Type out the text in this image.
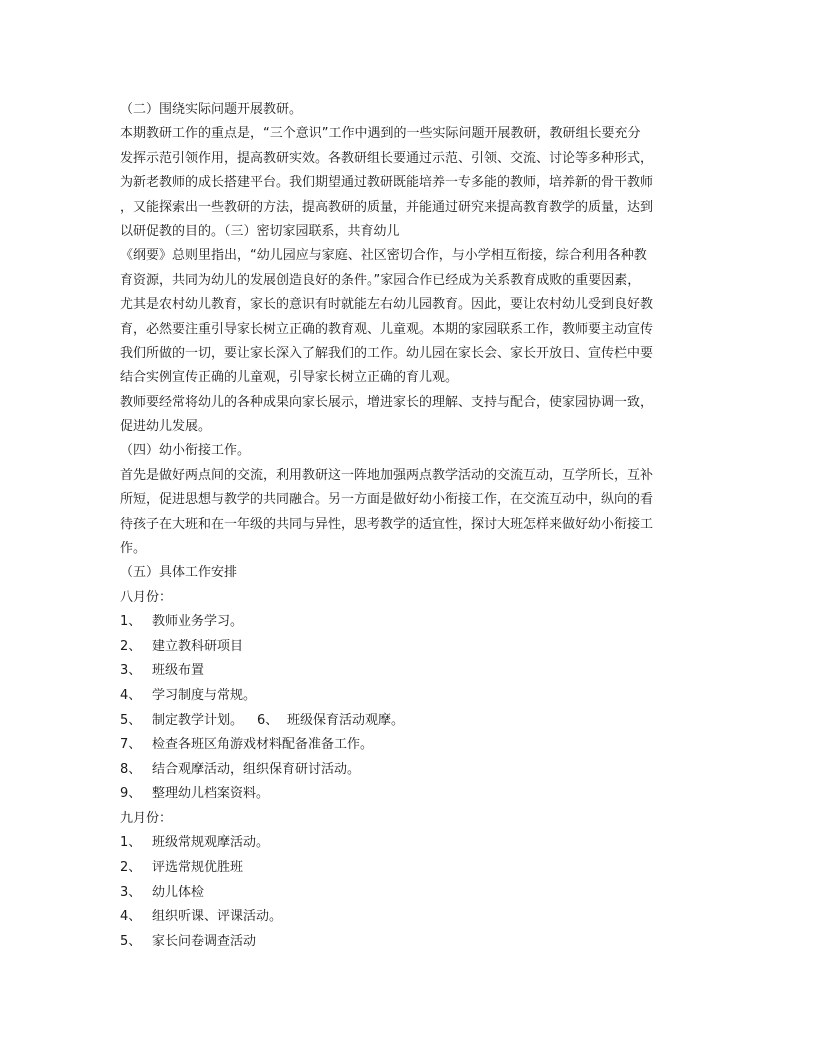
（二）围绕实际问题开展教研。
本期教研工作的重点是，“三个意识”工作中遇到的一些实际问题开展教研，教研组长要充分
发挥示范引领作用，提高教研实效。各教研组长要通过示范、引领、交流、讨论等多种形式，
为新老教师的成长搭建平台。我们期望通过教研既能培养一专多能的教师，培养新的骨干教师
，又能探索出一些教研的方法，提高教研的质量，并能通过研究来提高教育教学的质量，达到
以研促教的目的。（三）密切家园联系，共育幼儿
《纲要》总则里指出，“幼儿园应与家庭、社区密切合作，与小学相互衔接，综合利用各种教
育资源，共同为幼儿的发展创造良好的条件。”家园合作已经成为关系教育成败的重要因素，
尤其是农村幼儿教育，家长的意识有时就能左右幼儿园教育。因此，要让农村幼儿受到良好教
育，必然要注重引导家长树立正确的教育观、儿童观。本期的家园联系工作，教师要主动宣传
我们所做的一切，要让家长深入了解我们的工作。幼儿园在家长会、家长开放日、宣传栏中要
结合实例宣传正确的儿童观，引导家长树立正确的育儿观。
教师要经常将幼儿的各种成果向家长展示，增进家长的理解、支持与配合，使家园协调一致，
促进幼儿发展。
（四）幼小衔接工作。
首先是做好两点间的交流，利用教研这一阵地加强两点教学活动的交流互动，互学所长，互补
所短，促进思想与教学的共同融合。另一方面是做好幼小衔接工作，在交流互动中，纵向的看
待孩子在大班和在一年级的共同与异性，思考教学的适宜性，探讨大班怎样来做好幼小衔接工
作。
（五）具体工作安排
八月份：
1、 教师业务学习。
2、 建立教科研项目
3、 班级布置
4、 学习制度与常规。
5、 制定教学计划。 6、 班级保育活动观摩。
7、 检查各班区角游戏材料配备准备工作。
8、 结合观摩活动，组织保育研讨活动。
9、 整理幼儿档案资料。
九月份：
1、 班级常规观摩活动。
2、 评选常规优胜班
3、 幼儿体检
4、 组织听课、评课活动。
5、 家长问卷调查活动
